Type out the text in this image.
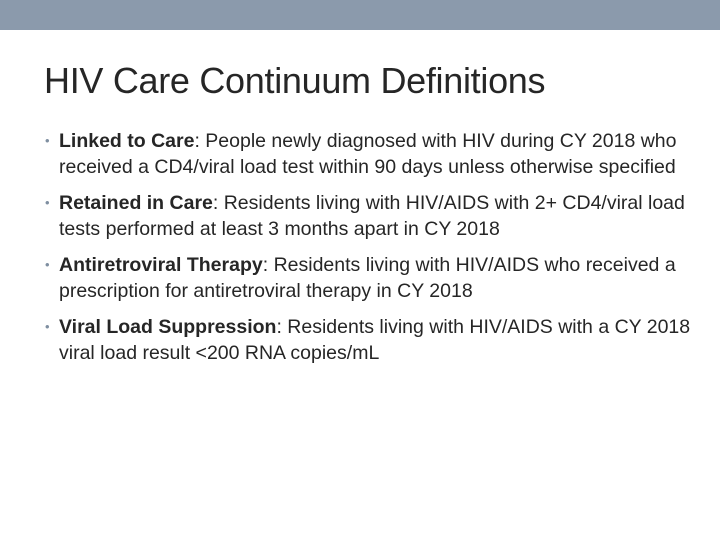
HIV Care Continuum Definitions
• Linked to Care: People newly diagnosed with HIV during CY 2018 who received a CD4/viral load test within 90 days unless otherwise specified
• Retained in Care: Residents living with HIV/AIDS with 2+ CD4/viral load tests performed at least 3 months apart in CY 2018
• Antiretroviral Therapy: Residents living with HIV/AIDS who received a prescription for antiretroviral therapy in CY 2018
• Viral Load Suppression: Residents living with HIV/AIDS with a CY 2018 viral load result <200 RNA copies/mL
